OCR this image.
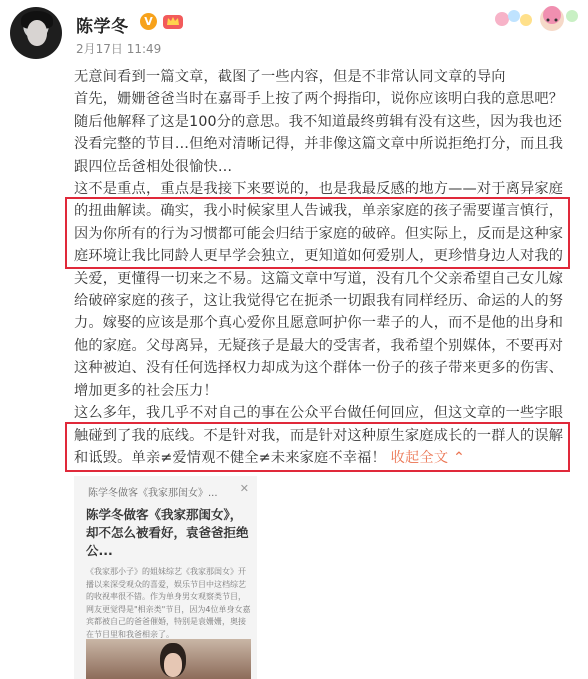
陈学冬	V
2月17日 11:49

无意间看到一篇文章，截图了一些内容，但是不非常认同文章的导向

首先，姗姗爸爸当时在嘉哥手上按了两个拇指印，说你应该明白我的意思吧？随后他解释了这是100分的意思。我不知道最终剪辑有没有这些，因为我也还没看完整的节目…但绝对清晰记得，并非像这篇文章中所说拒绝打分，而且我跟四位岳爸相处很愉快…

这不是重点，重点是我接下来要说的，也是我最反感的地方——对于离异家庭的扭曲解读。确实，我小时候家里人告诫我，单亲家庭的孩子需要谨言慎行，因为你所有的行为习惯都可能会归结于家庭的破碎。但实际上，反而是这种家庭环境让我比同龄人更早学会独立，更知道如何爱别人，更珍惜身边人对我的关爱，更懂得一切来之不易。这篇文章中写道，没有几个父亲希望自己女儿嫁给破碎家庭的孩子，这让我觉得它在扼杀一切跟我有同样经历、命运的人的努力。嫁娶的应该是那个真心爱你且愿意呵护你一辈子的人，而不是他的出身和他的家庭。父母离异，无疑孩子是最大的受害者，我希望个别媒体，不要再对这种被迫、没有任何选择权力却成为这个群体一份子的孩子带来更多的伤害、增加更多的社会压力！

这么多年，我几乎不对自己的事在公众平台做任何回应，但这文章的一些字眼触碰到了我的底线。不是针对我，而是针对这种原生家庭成长的一群人的误解和诋毁。单亲≠爱情观不健全≠未来家庭不幸福！ 收起全文 ⌃

陈学冬做客《我家那闺女》... ✕
陈学冬做客《我家那闺女》，却不怎么被看好，袁爸爸拒绝公...
《我家那小子》的姐妹综艺《我家那闺女》开播以来深受观众的喜爱，娱乐节目中这档综艺的收视率很不错。作为单身男女观察类节目，网友更觉得是"相亲类"节目，因为4位单身女嘉宾都被自己的爸爸催婚，特别是袁姗姗，奥接在节目里和我爸相亲了。
